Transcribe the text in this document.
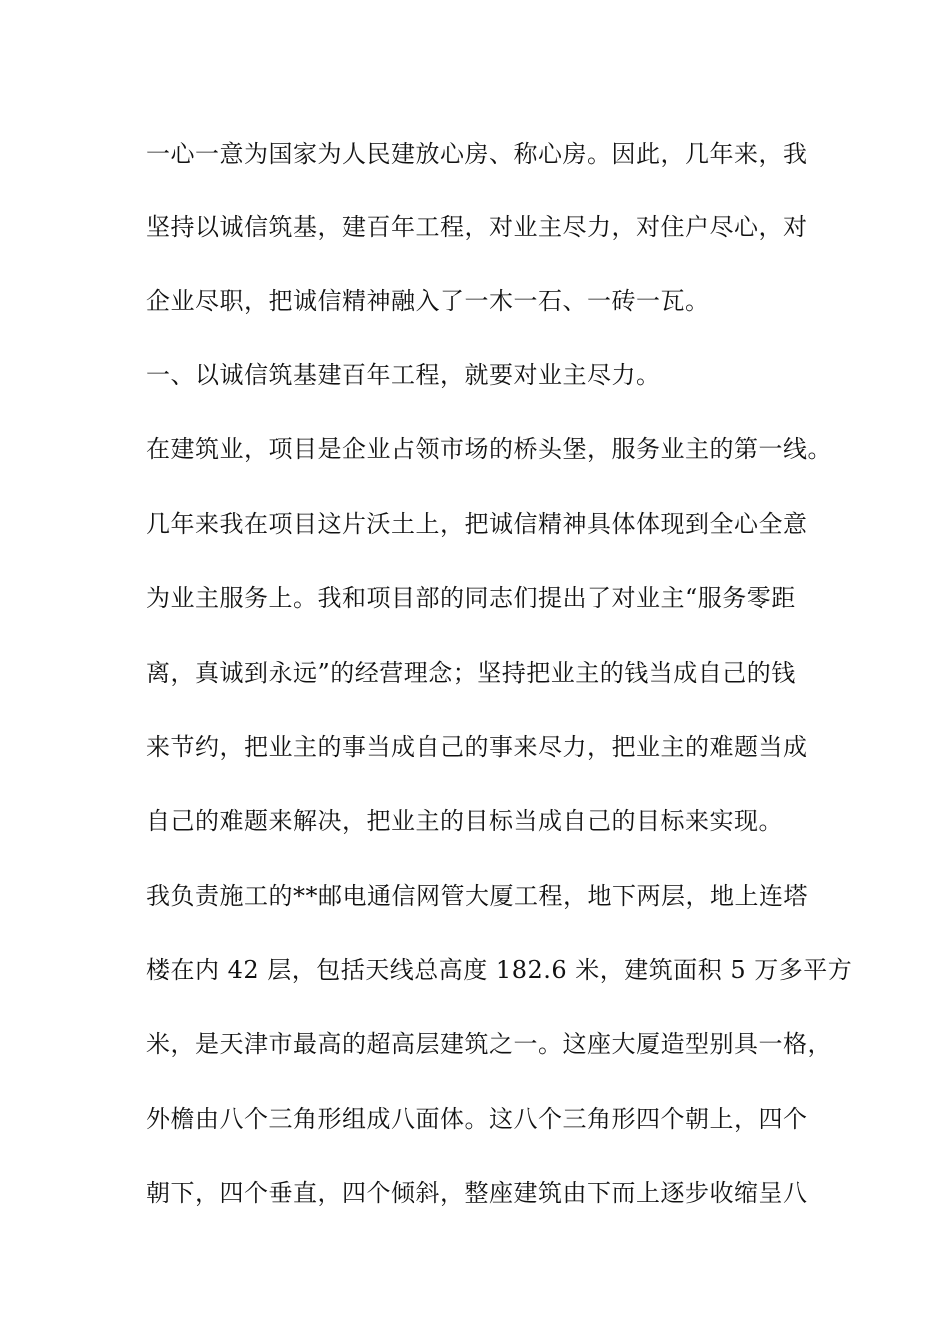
一心一意为国家为人民建放心房、称心房。因此，几年来，我
坚持以诚信筑基，建百年工程，对业主尽力，对住户尽心，对
企业尽职，把诚信精神融入了一木一石、一砖一瓦。
一、以诚信筑基建百年工程，就要对业主尽力。
在建筑业，项目是企业占领市场的桥头堡，服务业主的第一线。
几年来我在项目这片沃土上，把诚信精神具体体现到全心全意
为业主服务上。我和项目部的同志们提出了对业主“服务零距
离，真诚到永远”的经营理念；坚持把业主的钱当成自己的钱
来节约，把业主的事当成自己的事来尽力，把业主的难题当成
自己的难题来解决，把业主的目标当成自己的目标来实现。
我负责施工的**邮电通信网管大厦工程，地下两层，地上连塔
楼在内 42 层，包括天线总高度 182.6 米，建筑面积 5 万多平方
米，是天津市最高的超高层建筑之一。这座大厦造型别具一格，
外檐由八个三角形组成八面体。这八个三角形四个朝上，四个
朝下，四个垂直，四个倾斜，整座建筑由下而上逐步收缩呈八
